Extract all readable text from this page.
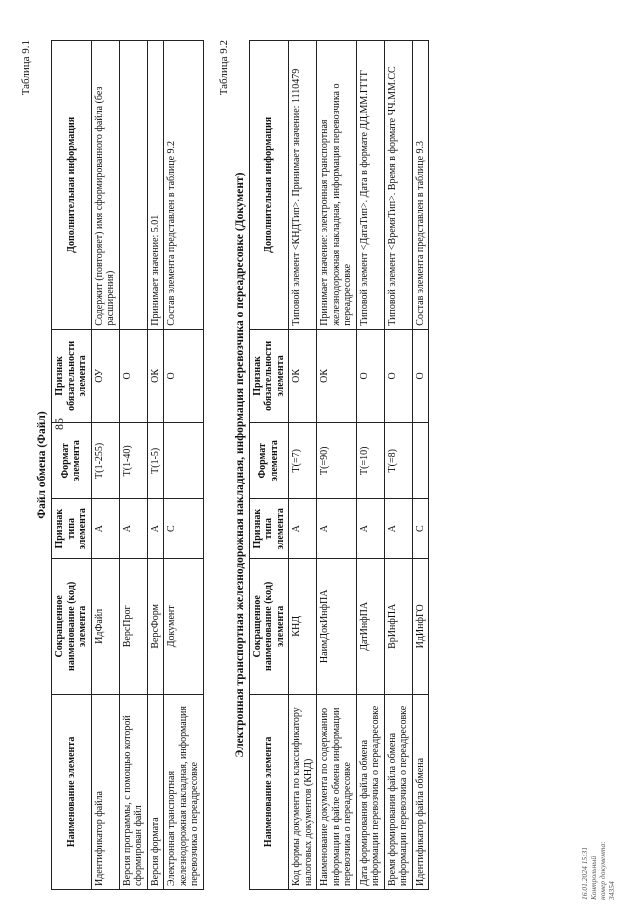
85
Таблица 9.1
Файл обмена (Файл)
Наименование элемента	Сокращенное наименование (код) элемента	Признак типа элемента	Формат элемента	Признак обязательности элемента	Дополнительная информация
Идентификатор файла	ИдФайл	А	T(1-255)	ОУ	Содержит (повторяет) имя сформированного файла (без расширения)
Версия программы, с помощью которой сформирован файл	ВерсПрог	А	T(1-40)	О	
Версия формата	ВерсФорм	А	T(1-5)	ОК	Принимает значение: 5.01
Электронная транспортная железнодорожная накладная, информация перевозчика о переадресовке	Документ	С		О	Состав элемента представлен в таблице 9.2
Таблица 9.2
Электронная транспортная железнодорожная накладная, информация перевозчика о переадресовке (Документ)
Наименование элемента	Сокращенное наименование (код) элемента	Признак типа элемента	Формат элемента	Признак обязательности элемента	Дополнительная информация
Код формы документа по классификатору налоговых документов (КНД)	КНД	А	T(=7)	ОК	Типовой элемент <КНДТип>. Принимает значение: 1110479
Наименование документа по содержанию информации в файле обмена информации перевозчика о переадресовке	НаимДокИнфПА	А	T(=90)	ОК	Принимает значение: электронная транспортная железнодорожная накладная, информация перевозчика о переадресовке
Дата формирования файла обмена информации перевозчика о переадресовке	ДатИнфПА	А	T(=10)	О	Типовой элемент <ДатаТип>. Дата в формате ДД.ММ.ГГГГ
Время формирования файла обмена информации перевозчика о переадресовке	ВрИнфПА	А	T(=8)	О	Типовой элемент <ВремяТип>. Время в формате ЧЧ.ММ.СС
Идентификатор файла обмена	ИдИнфГО	С		О	Состав элемента представлен в таблице 9.3
16.01.2024 15:31 Контрольный номер документа: 34354
